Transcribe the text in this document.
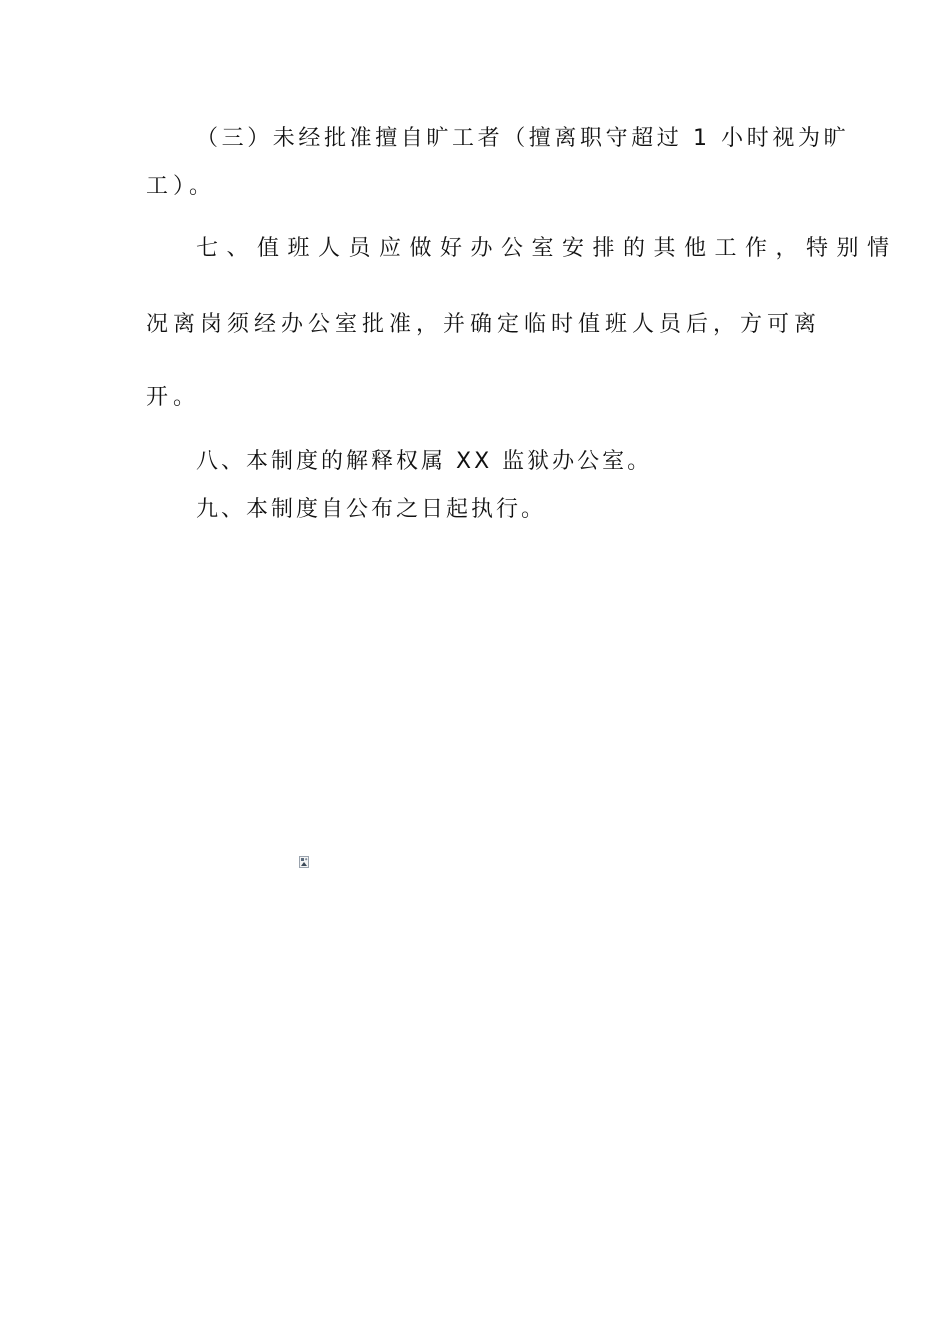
（三）未经批准擅自旷工者（擅离职守超过 1 小时视为旷
工）。
七、值班人员应做好办公室安排的其他工作，特别情
况离岗须经办公室批准，并确定临时值班人员后，方可离
开。
八、本制度的解释权属 XX 监狱办公室。
九、本制度自公布之日起执行。
